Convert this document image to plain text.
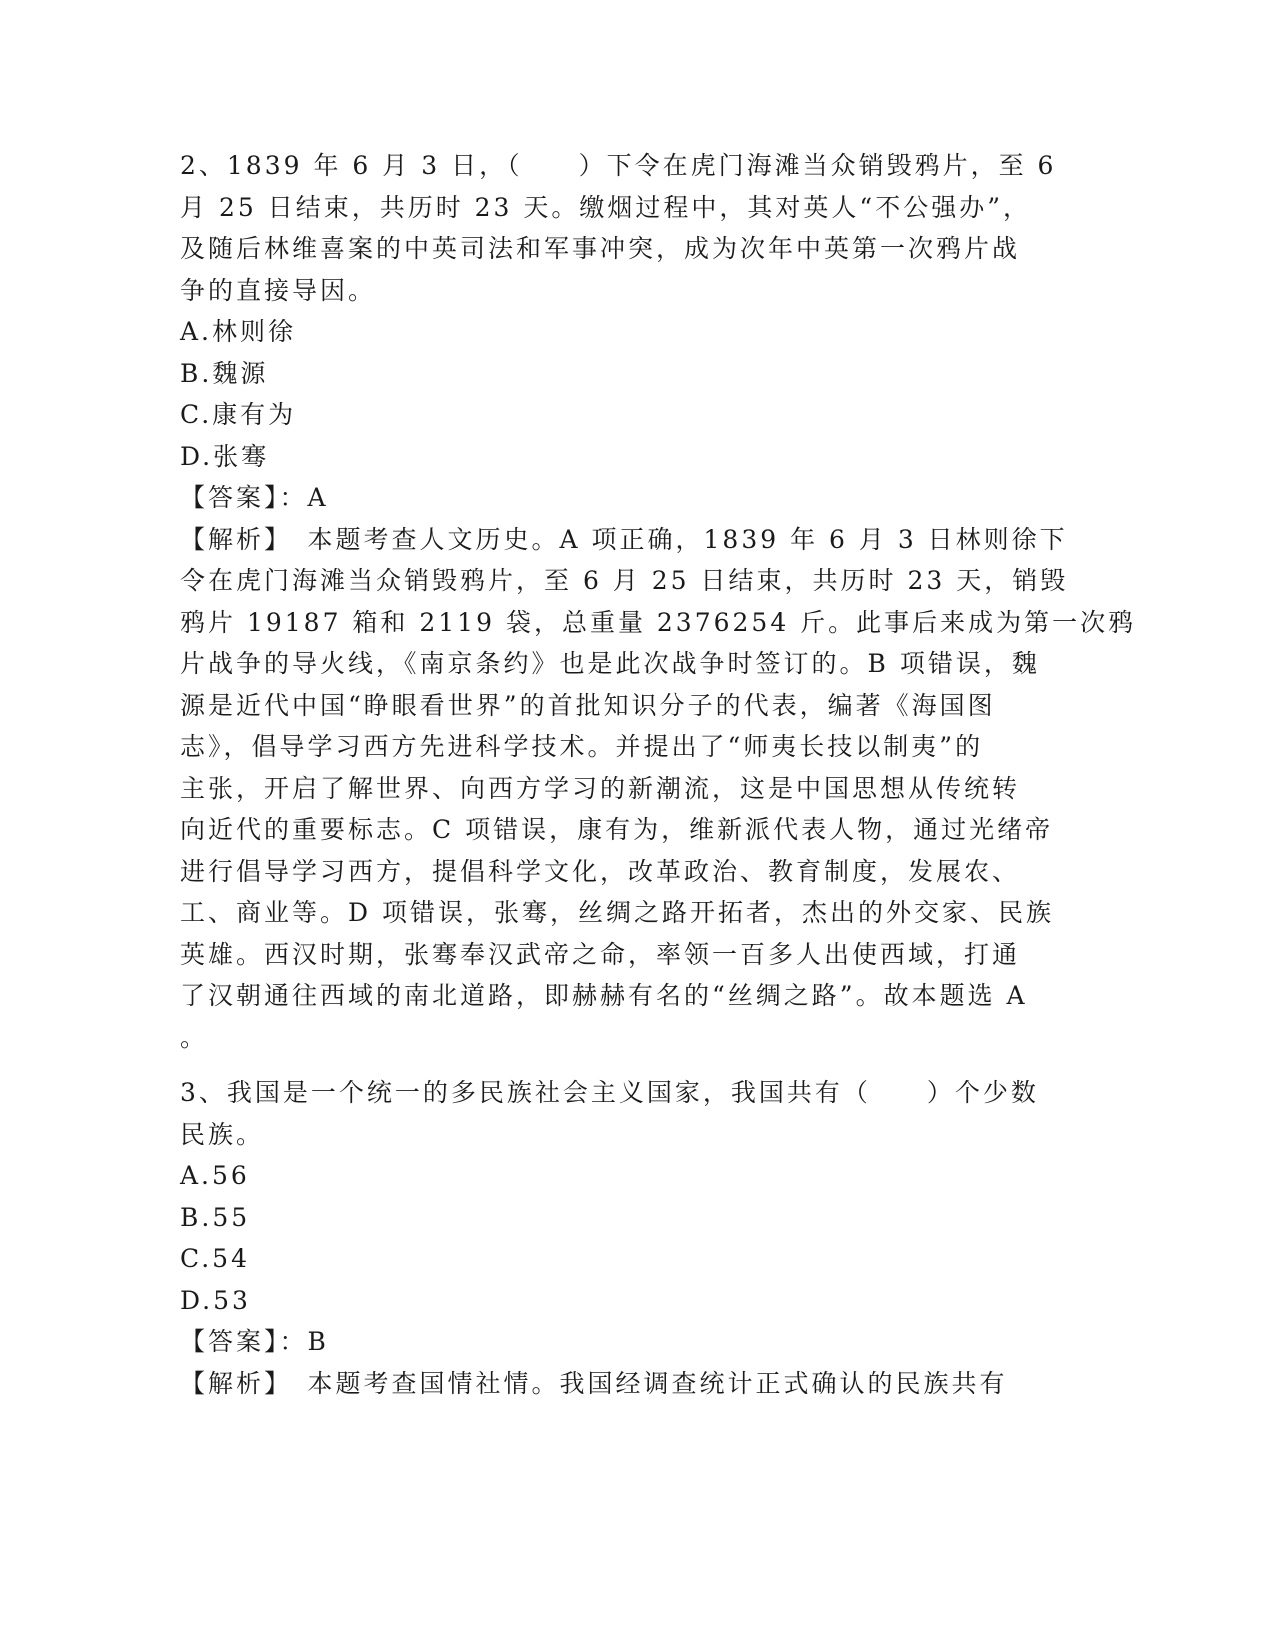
2、1839 年 6 月 3 日，（　　）下令在虎门海滩当众销毁鸦片，至 6
月 25 日结束，共历时 23 天。缴烟过程中，其对英人“不公强办”，
及随后林维喜案的中英司法和军事冲突，成为次年中英第一次鸦片战
争的直接导因。
A.林则徐
B.魏源
C.康有为
D.张骞
【答案】：A
【解析】　本题考查人文历史。A 项正确，1839 年 6 月 3 日林则徐下
令在虎门海滩当众销毁鸦片，至 6 月 25 日结束，共历时 23 天，销毁
鸦片 19187 箱和 2119 袋，总重量 2376254 斤。此事后来成为第一次鸦
片战争的导火线，《南京条约》也是此次战争时签订的。B 项错误，魏
源是近代中国“睁眼看世界”的首批知识分子的代表，编著《海国图
志》，倡导学习西方先进科学技术。并提出了“师夷长技以制夷”的
主张，开启了解世界、向西方学习的新潮流，这是中国思想从传统转
向近代的重要标志。C 项错误，康有为，维新派代表人物，通过光绪帝
进行倡导学习西方，提倡科学文化，改革政治、教育制度，发展农、
工、商业等。D 项错误，张骞，丝绸之路开拓者，杰出的外交家、民族
英雄。西汉时期，张骞奉汉武帝之命，率领一百多人出使西域，打通
了汉朝通往西域的南北道路，即赫赫有名的“丝绸之路”。故本题选 A
。
3、我国是一个统一的多民族社会主义国家，我国共有（　　）个少数
民族。
A.56
B.55
C.54
D.53
【答案】：B
【解析】　本题考查国情社情。我国经调查统计正式确认的民族共有
